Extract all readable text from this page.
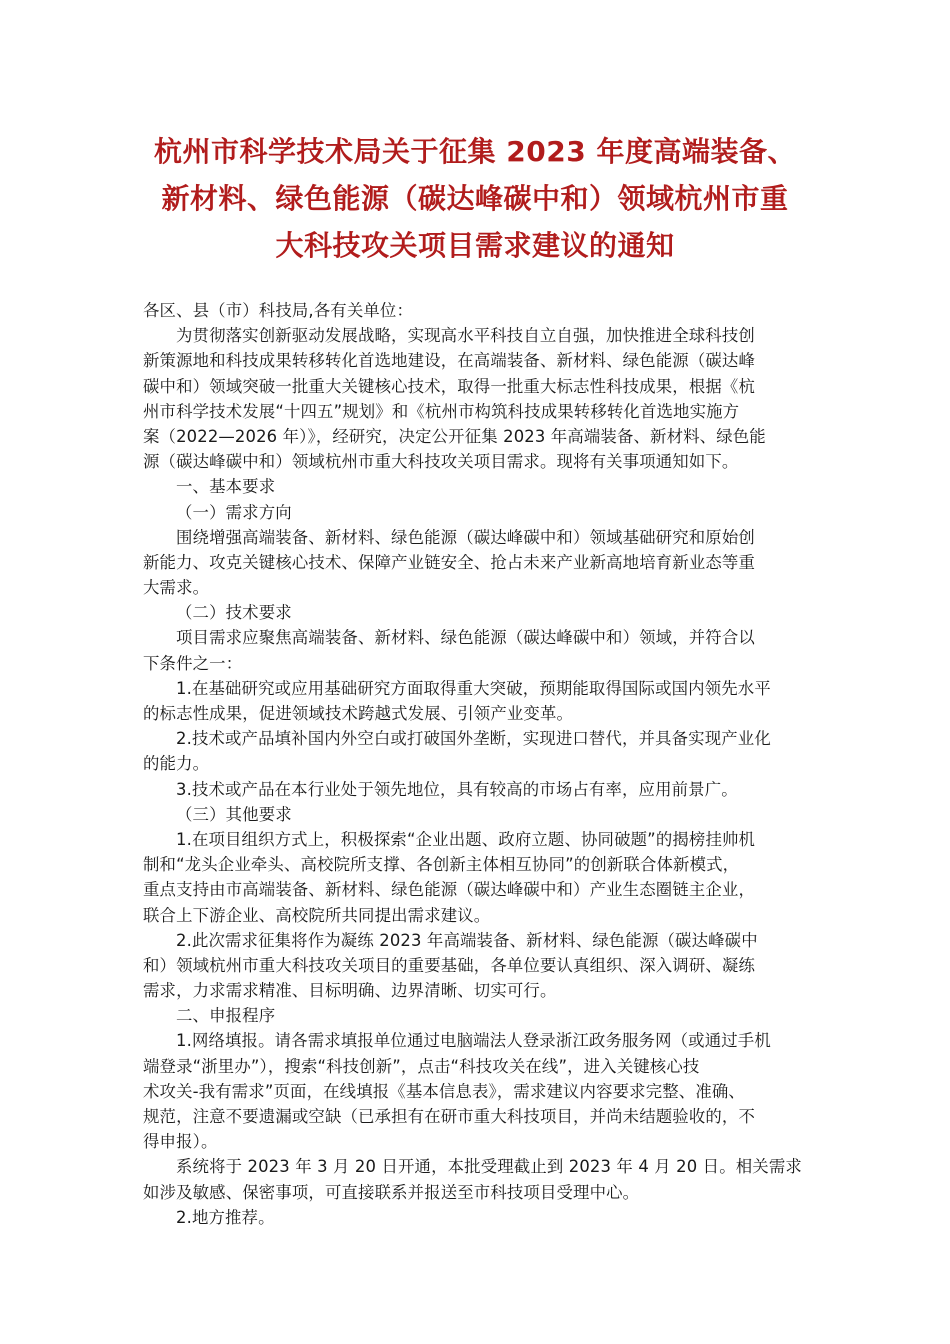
杭州市科学技术局关于征集 2023 年度高端装备、
新材料、绿色能源（碳达峰碳中和）领域杭州市重
大科技攻关项目需求建议的通知
各区、县（市）科技局,各有关单位：
为贯彻落实创新驱动发展战略，实现高水平科技自立自强，加快推进全球科技创
新策源地和科技成果转移转化首选地建设，在高端装备、新材料、绿色能源（碳达峰
碳中和）领域突破一批重大关键核心技术，取得一批重大标志性科技成果，根据《杭
州市科学技术发展“十四五”规划》和《杭州市构筑科技成果转移转化首选地实施方
案（2022—2026 年）》，经研究，决定公开征集 2023 年高端装备、新材料、绿色能
源（碳达峰碳中和）领域杭州市重大科技攻关项目需求。现将有关事项通知如下。
一、基本要求
（一）需求方向
围绕增强高端装备、新材料、绿色能源（碳达峰碳中和）领域基础研究和原始创
新能力、攻克关键核心技术、保障产业链安全、抢占未来产业新高地培育新业态等重
大需求。
（二）技术要求
项目需求应聚焦高端装备、新材料、绿色能源（碳达峰碳中和）领域，并符合以
下条件之一：
1.在基础研究或应用基础研究方面取得重大突破，预期能取得国际或国内领先水平
的标志性成果，促进领域技术跨越式发展、引领产业变革。
2.技术或产品填补国内外空白或打破国外垄断，实现进口替代，并具备实现产业化
的能力。
3.技术或产品在本行业处于领先地位，具有较高的市场占有率，应用前景广。
（三）其他要求
1.在项目组织方式上，积极探索“企业出题、政府立题、协同破题”的揭榜挂帅机
制和“龙头企业牵头、高校院所支撑、各创新主体相互协同”的创新联合体新模式，
重点支持由市高端装备、新材料、绿色能源（碳达峰碳中和）产业生态圈链主企业，
联合上下游企业、高校院所共同提出需求建议。
2.此次需求征集将作为凝练 2023 年高端装备、新材料、绿色能源（碳达峰碳中
和）领域杭州市重大科技攻关项目的重要基础，各单位要认真组织、深入调研、凝练
需求，力求需求精准、目标明确、边界清晰、切实可行。
二、申报程序
1.网络填报。请各需求填报单位通过电脑端法人登录浙江政务服务网（或通过手机
端登录“浙里办”），搜索“科技创新”，点击“科技攻关在线”，进入关键核心技
术攻关-我有需求”页面，在线填报《基本信息表》，需求建议内容要求完整、准确、
规范，注意不要遗漏或空缺（已承担有在研市重大科技项目，并尚未结题验收的，不
得申报）。
系统将于 2023 年 3 月 20 日开通，本批受理截止到 2023 年 4 月 20 日。相关需求
如涉及敏感、保密事项，可直接联系并报送至市科技项目受理中心。
2.地方推荐。
